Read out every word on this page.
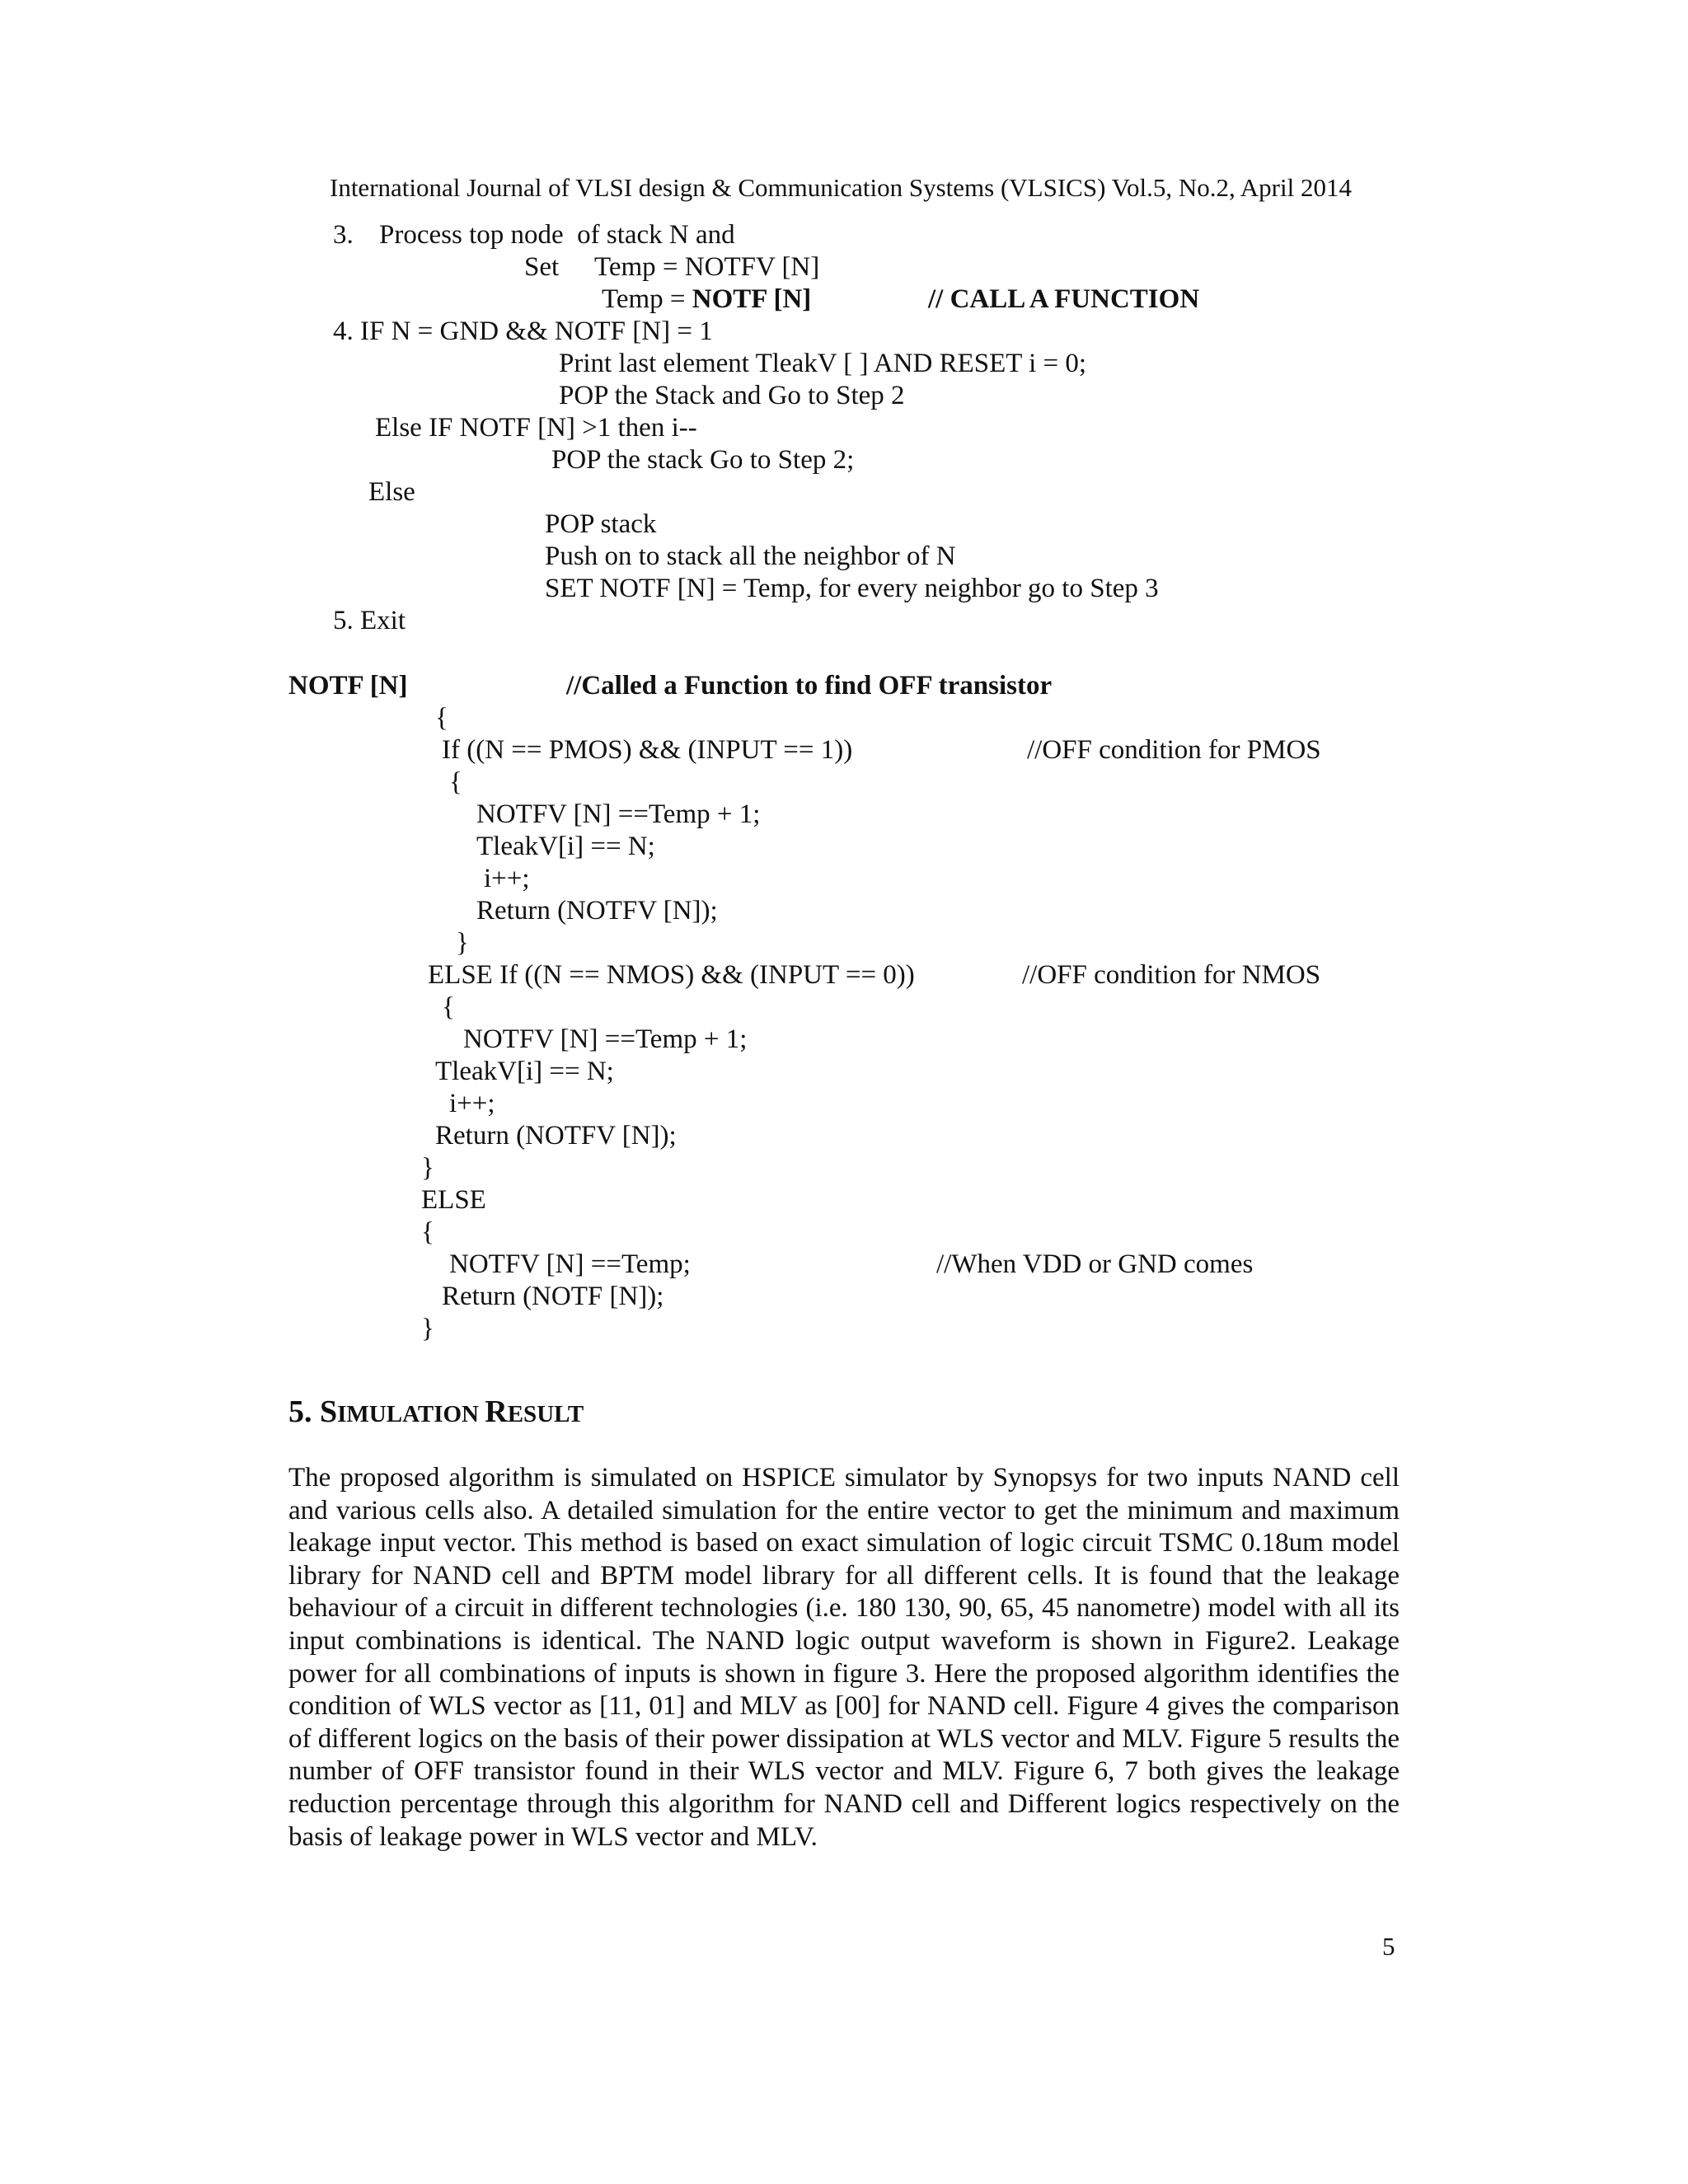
International Journal of VLSI design & Communication Systems (VLSICS) Vol.5, No.2, April 2014
3. Process top node  of stack N and
Set Temp = NOTFV [N]
Temp = NOTF [N]	// CALL A FUNCTION
4. IF N = GND && NOTF [N] = 1
Print last element TleakV [ ] AND RESET i = 0;
POP the Stack and Go to Step 2
Else IF NOTF [N] >1 then i--
POP the stack Go to Step 2;
Else
POP stack
Push on to stack all the neighbor of N
SET NOTF [N] = Temp, for every neighbor go to Step 3
5. Exit
NOTF [N]	//Called a Function to find OFF transistor
{
If ((N == PMOS) && (INPUT == 1))	//OFF condition for PMOS
{
NOTFV [N] ==Temp + 1;
TleakV[i] == N;
i++;
Return (NOTFV [N]);
}
ELSE If ((N == NMOS) && (INPUT == 0))	//OFF condition for NMOS
{
NOTFV [N] ==Temp + 1;
TleakV[i] == N;
i++;
Return (NOTFV [N]);
}
ELSE
{
NOTFV [N] ==Temp;	//When VDD or GND comes
Return (NOTF [N]);
}
5. SIMULATION RESULT
The proposed algorithm is simulated on HSPICE simulator by Synopsys for two inputs NAND cell and various cells also. A detailed simulation for the entire vector to get the minimum and maximum leakage input vector. This method is based on exact simulation of logic circuit TSMC 0.18um model library for NAND cell and BPTM model library for all different cells. It is found that the leakage behaviour of a circuit in different technologies (i.e. 180 130, 90, 65, 45 nanometre) model with all its input combinations is identical. The NAND logic output waveform is shown in Figure2. Leakage power for all combinations of inputs is shown in figure 3. Here the proposed algorithm identifies the condition of WLS vector as [11, 01] and MLV as [00] for NAND cell. Figure 4 gives the comparison of different logics on the basis of their power dissipation at WLS vector and MLV. Figure 5 results the number of OFF transistor found in their WLS vector and MLV. Figure 6, 7 both gives the leakage reduction percentage through this algorithm for NAND cell and Different logics respectively on the basis of leakage power in WLS vector and MLV.
5
